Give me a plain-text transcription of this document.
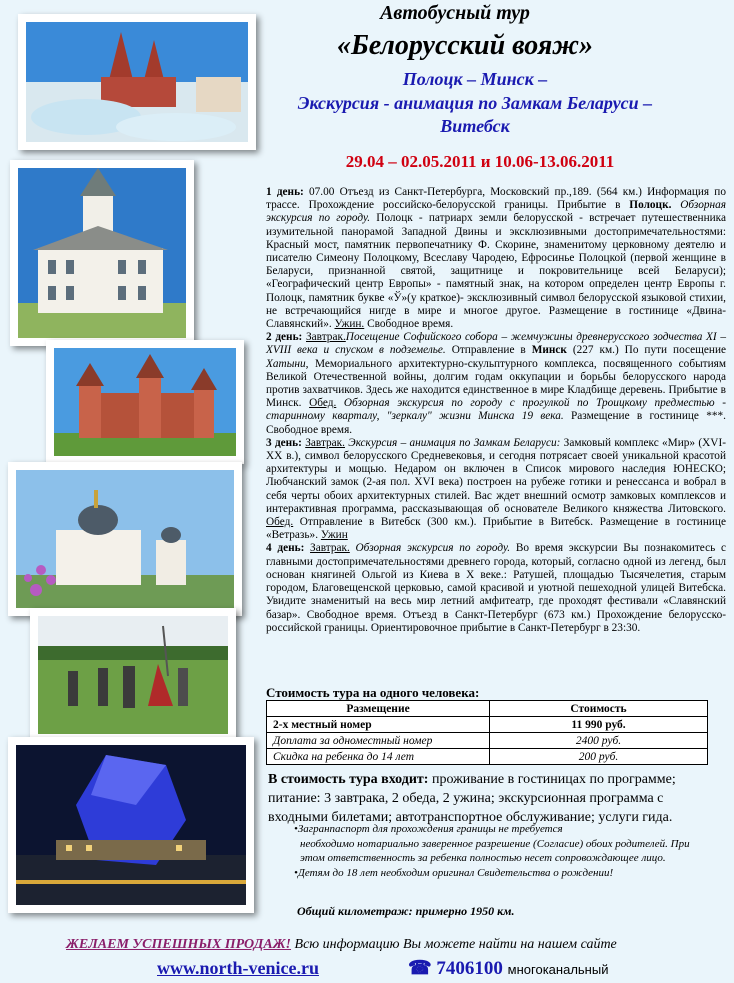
Автобусный тур
«Белорусский вояж»
Полоцк – Минск –
Экскурсия - анимация по Замкам Беларуси –
Витебск
29.04 – 02.05.2011 и 10.06-13.06.2011

1 день: 07.00 Отъезд из Санкт-Петербурга, Московский пр.,189. (564 км.) Информация по трассе. Прохождение российско-белорусской границы. Прибытие в Полоцк. Обзорная экскурсия по городу. Полоцк - патриарх земли белорусской - встречает путешественника изумительной панорамой Западной Двины и эксклюзивными достопримечательностями: Красный мост, памятник первопечатнику Ф. Скорине, знаменитому церковному деятелю и писателю Симеону Полоцкому, Всеславу Чародею, Ефросинье Полоцкой (первой женщине в Беларуси, признанной святой, защитнице и покровительнице всей Беларуси); «Географический центр Европы» - памятный знак, на котором определен центр Европы г. Полоцк, памятник букве «Ў»(у краткое)- эксклюзивный символ белорусской языковой стихии, не встречающийся нигде в мире и многое другое. Размещение в гостинице «Двина-Славянский». Ужин. Свободное время.

2 день: Завтрак.Посещение Софийского собора – жемчужины древнерусского зодчества XI – XVIII века и спуском в подземелье. Отправление в Минск (227 км.) По пути посещение Хатыни, Мемориального архитектурно-скульптурного комплекса, посвященного событиям Великой Отечественной войны, долгим годам оккупации и борьбы белорусского народа против захватчиков. Здесь же находится единственное в мире Кладбище деревень. Прибытие в Минск. Обед. Обзорная экскурсия по городу с прогулкой по Троицкому предместью - старинному кварталу, "зеркалу" жизни Минска 19 века. Размещение в гостинице ***. Свободное время.

3 день: Завтрак. Экскурсия – анимация по Замкам Беларуси: Замковый комплекс «Мир» (XVI-XX в.), символ белорусского Средневековья, и сегодня потрясает своей уникальной красотой архитектуры и мощью. Недаром он включен в Список мирового наследия ЮНЕСКО; Любчанский замок (2-ая пол. XVI века) построен на рубеже готики и ренессанса и вобрал в себя черты обоих архитектурных стилей. Вас ждет внешний осмотр замковых комплексов и интерактивная программа, рассказывающая об основателе Великого княжества Литовского. Обед. Отправление в Витебск (300 км.). Прибытие в Витебск. Размещение в гостинице «Ветразь». Ужин

4 день: Завтрак. Обзорная экскурсия по городу. Во время экскурсии Вы познакомитесь с главными достопримечательностями древнего города, который, согласно одной из легенд, был основан княгиней Ольгой из Киева в X веке.: Ратушей, площадью Тысячелетия, старым городом, Благовещенской церковью, самой красивой и уютной пешеходной улицей Витебска. Увидите знаменитый на весь мир летний амфитеатр, где проходят фестивали «Славянский базар». Свободное время. Отъезд в Санкт-Петербург (673 км.) Прохождение белорусско-российской границы. Ориентировочное прибытие в Санкт-Петербург в 23:30.

Стоимость тура на одного человека:
Размещение	Стоимость
2-х местный номер	11 990 руб.
Доплата за одноместный номер	2400 руб.
Скидка на ребенка до 14 лет	200 руб.
В стоимость тура входит: проживание в гостиницах по программе; питание: 3 завтрака, 2 обеда, 2 ужина; экскурсионная программа с входными билетами; автотранспортное обслуживание; услуги гида.
•Загранпаспорт для прохождения границы не требуется
необходимо нотариально заверенное разрешение (Согласие) обоих родителей. При этом ответственность за ребенка полностью несет сопровождающее лицо.
•Детям до 18 лет необходим оригинал Свидетельства о рождении!
Общий километраж: примерно 1950 км.
ЖЕЛАЕМ УСПЕШНЫХ ПРОДАЖ! Всю информацию Вы можете найти на нашем сайте
www.north-venice.ru	☎ 7406100 многоканальный
